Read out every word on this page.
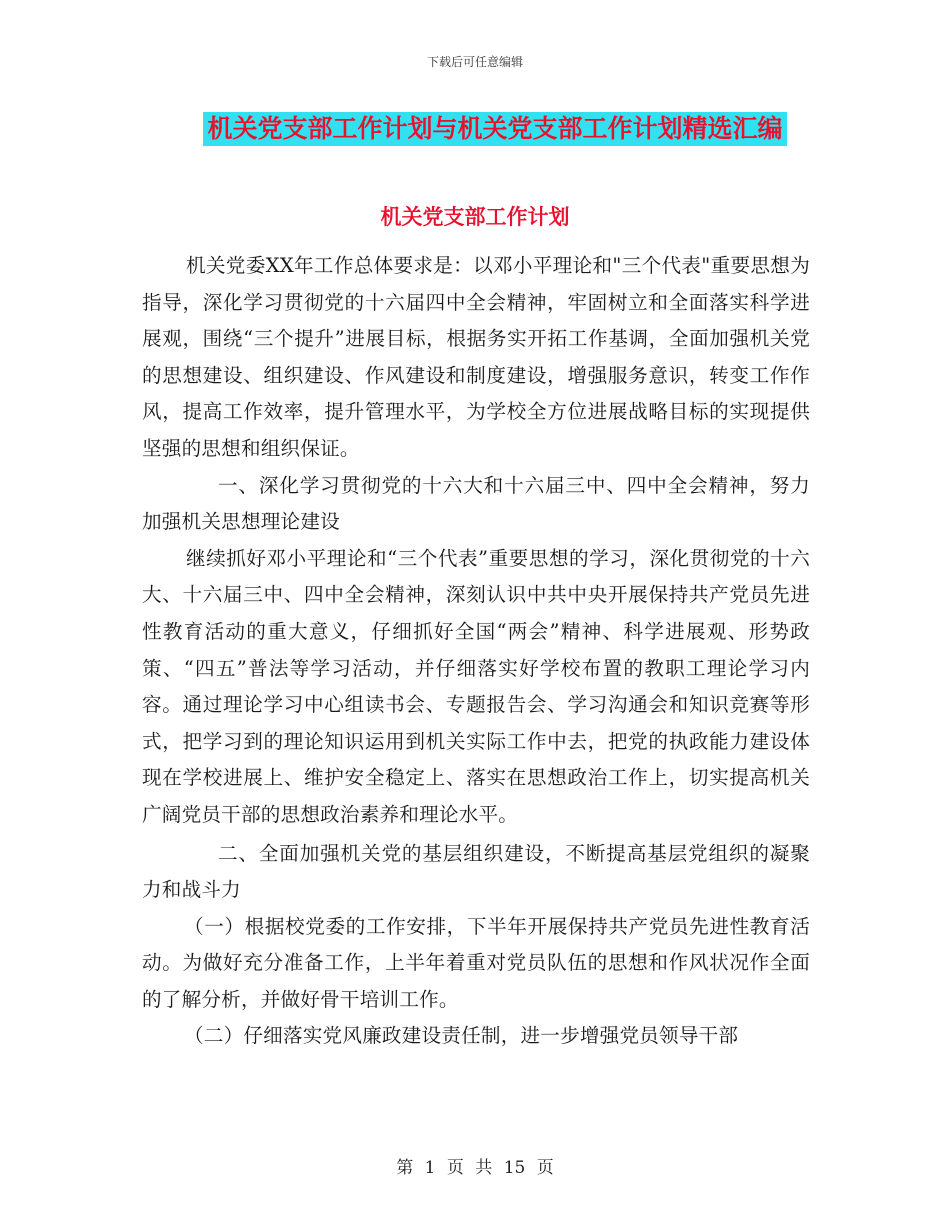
下载后可任意编辑
机关党支部工作计划与机关党支部工作计划精选汇编
机关党支部工作计划

机关党委XX年工作总体要求是：以邓小平理论和"三个代表"重要思想为指导，深化学习贯彻党的十六届四中全会精神，牢固树立和全面落实科学进展观，围绕“三个提升”进展目标，根据务实开拓工作基调，全面加强机关党的思想建设、组织建设、作风建设和制度建设，增强服务意识，转变工作作风，提高工作效率，提升管理水平，为学校全方位进展战略目标的实现提供坚强的思想和组织保证。

一、深化学习贯彻党的十六大和十六届三中、四中全会精神，努力加强机关思想理论建设

继续抓好邓小平理论和“三个代表”重要思想的学习，深化贯彻党的十六大、十六届三中、四中全会精神，深刻认识中共中央开展保持共产党员先进性教育活动的重大意义，仔细抓好全国“两会”精神、科学进展观、形势政策、“四五”普法等学习活动，并仔细落实好学校布置的教职工理论学习内容。通过理论学习中心组读书会、专题报告会、学习沟通会和知识竞赛等形式，把学习到的理论知识运用到机关实际工作中去，把党的执政能力建设体现在学校进展上、维护安全稳定上、落实在思想政治工作上，切实提高机关广阔党员干部的思想政治素养和理论水平。

二、全面加强机关党的基层组织建设，不断提高基层党组织的凝聚力和战斗力

（一）根据校党委的工作安排，下半年开展保持共产党员先进性教育活动。为做好充分准备工作，上半年着重对党员队伍的思想和作风状况作全面的了解分析，并做好骨干培训工作。

（二）仔细落实党风廉政建设责任制，进一步增强党员领导干部

第 1 页 共 15 页
